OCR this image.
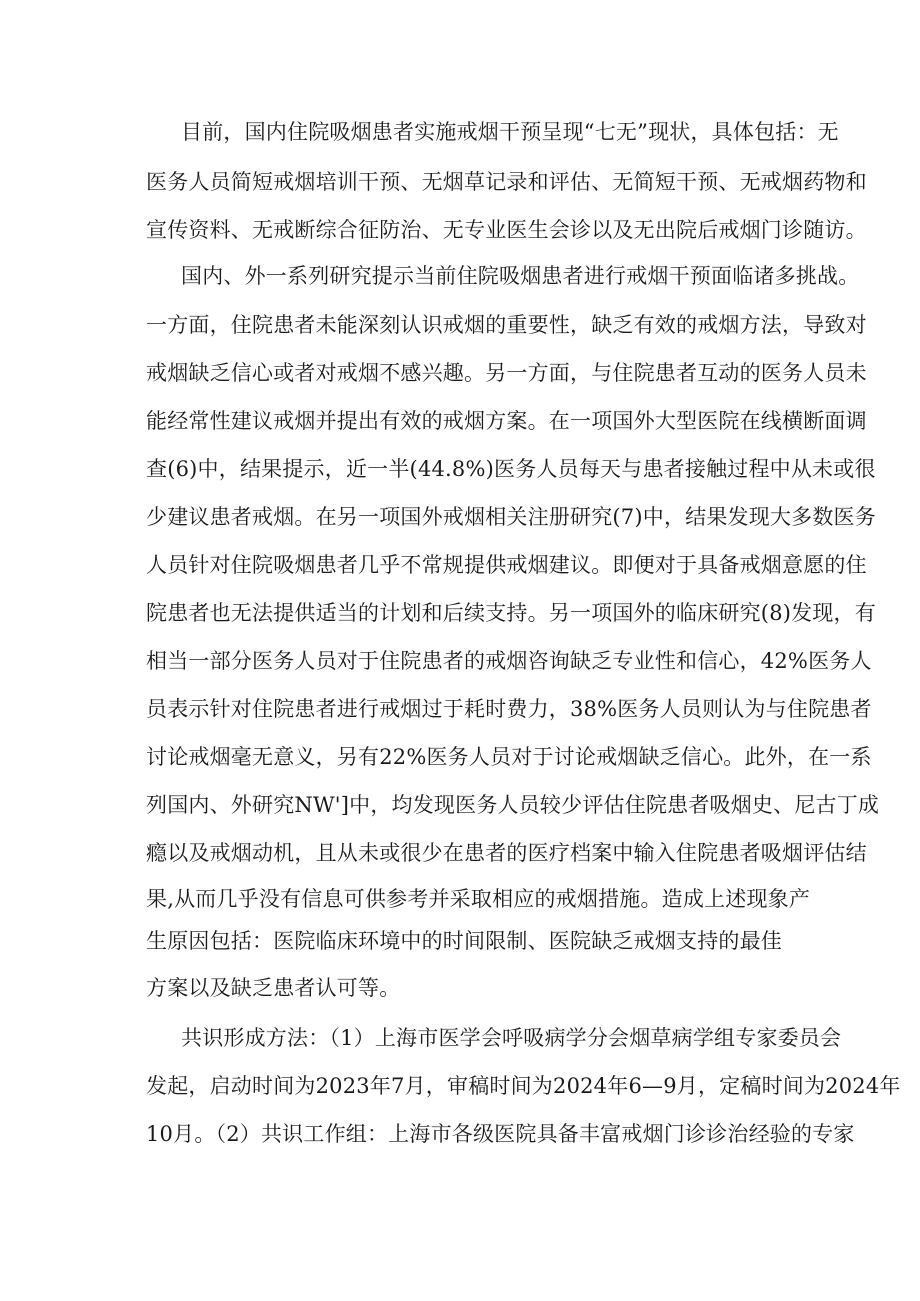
目前，国内住院吸烟患者实施戒烟干预呈现“七无”现状，具体包括：无
医务人员简短戒烟培训干预、无烟草记录和评估、无简短干预、无戒烟药物和
宣传资料、无戒断综合征防治、无专业医生会诊以及无出院后戒烟门诊随访。
国内、外一系列研究提示当前住院吸烟患者进行戒烟干预面临诸多挑战。
一方面，住院患者未能深刻认识戒烟的重要性，缺乏有效的戒烟方法，导致对
戒烟缺乏信心或者对戒烟不感兴趣。另一方面，与住院患者互动的医务人员未
能经常性建议戒烟并提出有效的戒烟方案。在一项国外大型医院在线横断面调
查(6)中，结果提示，近一半(44.8%)医务人员每天与患者接触过程中从未或很
少建议患者戒烟。在另一项国外戒烟相关注册研究(7)中，结果发现大多数医务
人员针对住院吸烟患者几乎不常规提供戒烟建议。即便对于具备戒烟意愿的住
院患者也无法提供适当的计划和后续支持。另一项国外的临床研究(8)发现，有
相当一部分医务人员对于住院患者的戒烟咨询缺乏专业性和信心，42%医务人
员表示针对住院患者进行戒烟过于耗时费力，38%医务人员则认为与住院患者
讨论戒烟毫无意义，另有22%医务人员对于讨论戒烟缺乏信心。此外，在一系
列国内、外研究NW']中，均发现医务人员较少评估住院患者吸烟史、尼古丁成
瘾以及戒烟动机，且从未或很少在患者的医疗档案中输入住院患者吸烟评估结
果,从而几乎没有信息可供参考并采取相应的戒烟措施。造成上述现象产
生原因包括：医院临床环境中的时间限制、医院缺乏戒烟支持的最佳
方案以及缺乏患者认可等。
共识形成方法：（1）上海市医学会呼吸病学分会烟草病学组专家委员会
发起，启动时间为2023年7月，审稿时间为2024年6—9月，定稿时间为2024年
10月。（2）共识工作组：上海市各级医院具备丰富戒烟门诊诊治经验的专家
